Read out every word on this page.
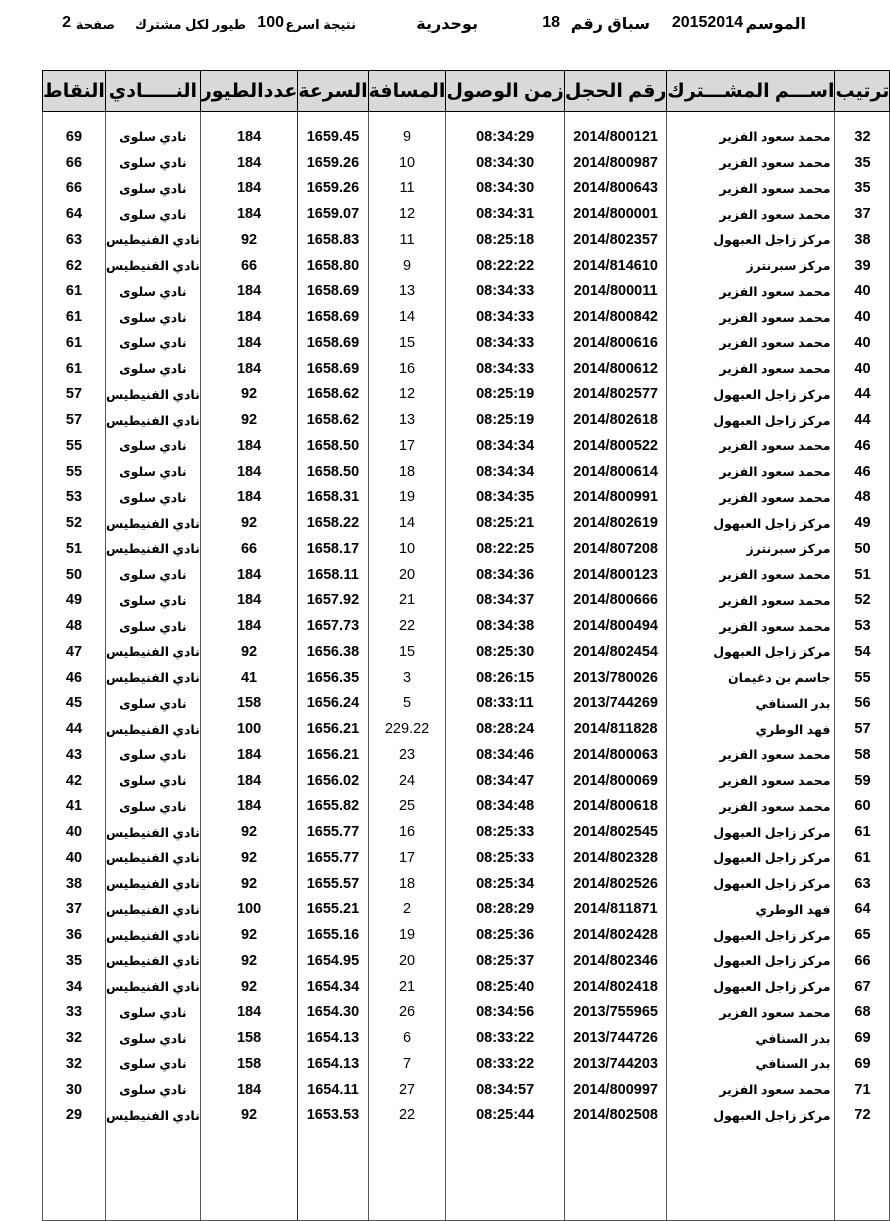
الموسم
20152014
سباق رقم
18
بوحدرية
نتيجة اسرع
100
طيور لكل مشترك
صفحة
2
ترتيب	اســـم المشـــترك	رقم الحجل	زمن الوصول	المسافة	السرعة	عددالطيور	النـــــادي	النقاط

32	محمد سعود الفزير	2014/800121	08:34:29	9	1659.45	184	نادي سلوى	69
35	محمد سعود الفزير	2014/800987	08:34:30	10	1659.26	184	نادي سلوى	66
35	محمد سعود الفزير	2014/800643	08:34:30	11	1659.26	184	نادي سلوى	66
37	محمد سعود الفزير	2014/800001	08:34:31	12	1659.07	184	نادي سلوى	64
38	مركز زاجل العبهول	2014/802357	08:25:18	11	1658.83	92	نادي الفنيطيس	63
39	مركز سبرنترز	2014/814610	08:22:22	9	1658.80	66	نادي الفنيطيس	62
40	محمد سعود الفزير	2014/800011	08:34:33	13	1658.69	184	نادي سلوى	61
40	محمد سعود الفزير	2014/800842	08:34:33	14	1658.69	184	نادي سلوى	61
40	محمد سعود الفزير	2014/800616	08:34:33	15	1658.69	184	نادي سلوى	61
40	محمد سعود الفزير	2014/800612	08:34:33	16	1658.69	184	نادي سلوى	61
44	مركز زاجل العبهول	2014/802577	08:25:19	12	1658.62	92	نادي الفنيطيس	57
44	مركز زاجل العبهول	2014/802618	08:25:19	13	1658.62	92	نادي الفنيطيس	57
46	محمد سعود الفزير	2014/800522	08:34:34	17	1658.50	184	نادي سلوى	55
46	محمد سعود الفزير	2014/800614	08:34:34	18	1658.50	184	نادي سلوى	55
48	محمد سعود الفزير	2014/800991	08:34:35	19	1658.31	184	نادي سلوى	53
49	مركز زاجل العبهول	2014/802619	08:25:21	14	1658.22	92	نادي الفنيطيس	52
50	مركز سبرنترز	2014/807208	08:22:25	10	1658.17	66	نادي الفنيطيس	51
51	محمد سعود الفزير	2014/800123	08:34:36	20	1658.11	184	نادي سلوى	50
52	محمد سعود الفزير	2014/800666	08:34:37	21	1657.92	184	نادي سلوى	49
53	محمد سعود الفزير	2014/800494	08:34:38	22	1657.73	184	نادي سلوى	48
54	مركز زاجل العبهول	2014/802454	08:25:30	15	1656.38	92	نادي الفنيطيس	47
55	جاسم بن دغيمان	2013/780026	08:26:15	3	1656.35	41	نادي الفنيطيس	46
56	بدر السنافي	2013/744269	08:33:11	5	1656.24	158	نادي سلوى	45
57	فهد الوطري	2014/811828	08:28:24	229.22	1656.21	100	نادي الفنيطيس	44
58	محمد سعود الفزير	2014/800063	08:34:46	23	1656.21	184	نادي سلوى	43
59	محمد سعود الفزير	2014/800069	08:34:47	24	1656.02	184	نادي سلوى	42
60	محمد سعود الفزير	2014/800618	08:34:48	25	1655.82	184	نادي سلوى	41
61	مركز زاجل العبهول	2014/802545	08:25:33	16	1655.77	92	نادي الفنيطيس	40
61	مركز زاجل العبهول	2014/802328	08:25:33	17	1655.77	92	نادي الفنيطيس	40
63	مركز زاجل العبهول	2014/802526	08:25:34	18	1655.57	92	نادي الفنيطيس	38
64	فهد الوطري	2014/811871	08:28:29	2	1655.21	100	نادي الفنيطيس	37
65	مركز زاجل العبهول	2014/802428	08:25:36	19	1655.16	92	نادي الفنيطيس	36
66	مركز زاجل العبهول	2014/802346	08:25:37	20	1654.95	92	نادي الفنيطيس	35
67	مركز زاجل العبهول	2014/802418	08:25:40	21	1654.34	92	نادي الفنيطيس	34
68	محمد سعود الفزير	2013/755965	08:34:56	26	1654.30	184	نادي سلوى	33
69	بدر السنافي	2013/744726	08:33:22	6	1654.13	158	نادي سلوى	32
69	بدر السنافي	2013/744203	08:33:22	7	1654.13	158	نادي سلوى	32
71	محمد سعود الفزير	2014/800997	08:34:57	27	1654.11	184	نادي سلوى	30
72	مركز زاجل العبهول	2014/802508	08:25:44	22	1653.53	92	نادي الفنيطيس	29
